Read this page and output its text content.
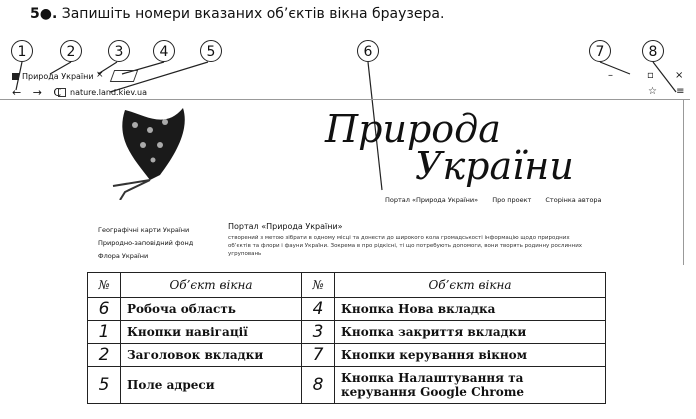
5●. Запишіть номери вказаних об’єктів вікна браузера.
1	2	3	4	5	6	7	8
Природа України ×	–	▫ ×
← → C nature.land.kiev.ua	☆ ≡
Природа
України
Портал «Природа України» Про проект Сторінка автора
Географічні карти України
Природно-заповідний фонд
Флора України
Портал «Природа України»
створений з метою зібрати в одному місці та донести до широкого кола громадськості інформацію щодо природних об’єктів та флори і фауни України. Зокрема в про рідкісні, ті що потребують допомоги, вони творять родинну рослинних угруповань
№	Об’єкт вікна	№	Об’єкт вікна
6	Робоча область	4	Кнопка Нова вкладка
1	Кнопки навігації	3	Кнопка закриття вкладки
2	Заголовок вкладки	7	Кнопки керування вікном
5	Поле адреси	8	Кнопка Налаштування та керування Google Chrome
